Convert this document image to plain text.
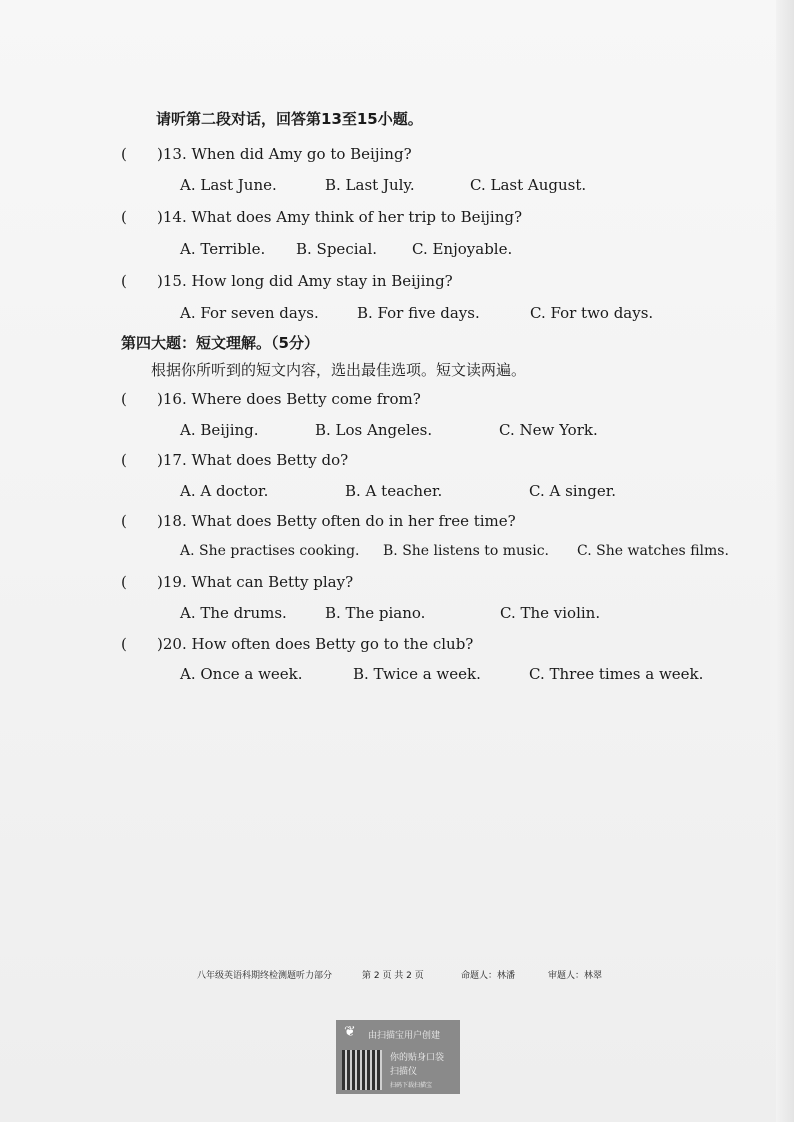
请听第二段对话，回答第13至15小题。
( )13. When did Amy go to Beijing?
A. Last June.	B. Last July.	C. Last August.
( )14. What does Amy think of her trip to Beijing?
A. Terrible. B. Special. C. Enjoyable.
( )15. How long did Amy stay in Beijing?
A. For seven days.	B. For five days.	C. For two days.
第四大题：短文理解。（5分）
根据你所听到的短文内容，选出最佳选项。短文读两遍。
( )16. Where does Betty come from?
A. Beijing.	B. Los Angeles.	C. New York.
( )17. What does Betty do?
A. A doctor.	B. A teacher.	C. A singer.
( )18. What does Betty often do in her free time?
A. She practises cooking. B. She listens to music. C. She watches films.
( )19. What can Betty play?
A. The drums.	B. The piano.	C. The violin.
( )20. How often does Betty go to the club?
A. Once a week.	B. Twice a week.	C. Three times a week.
八年级英语科期终检测题听力部分	第 2 页 共 2 页	命题人：林潘	审题人：林翠
❦ 由扫描宝用户创建
你的贴身口袋
扫描仪
扫码下载扫描宝
